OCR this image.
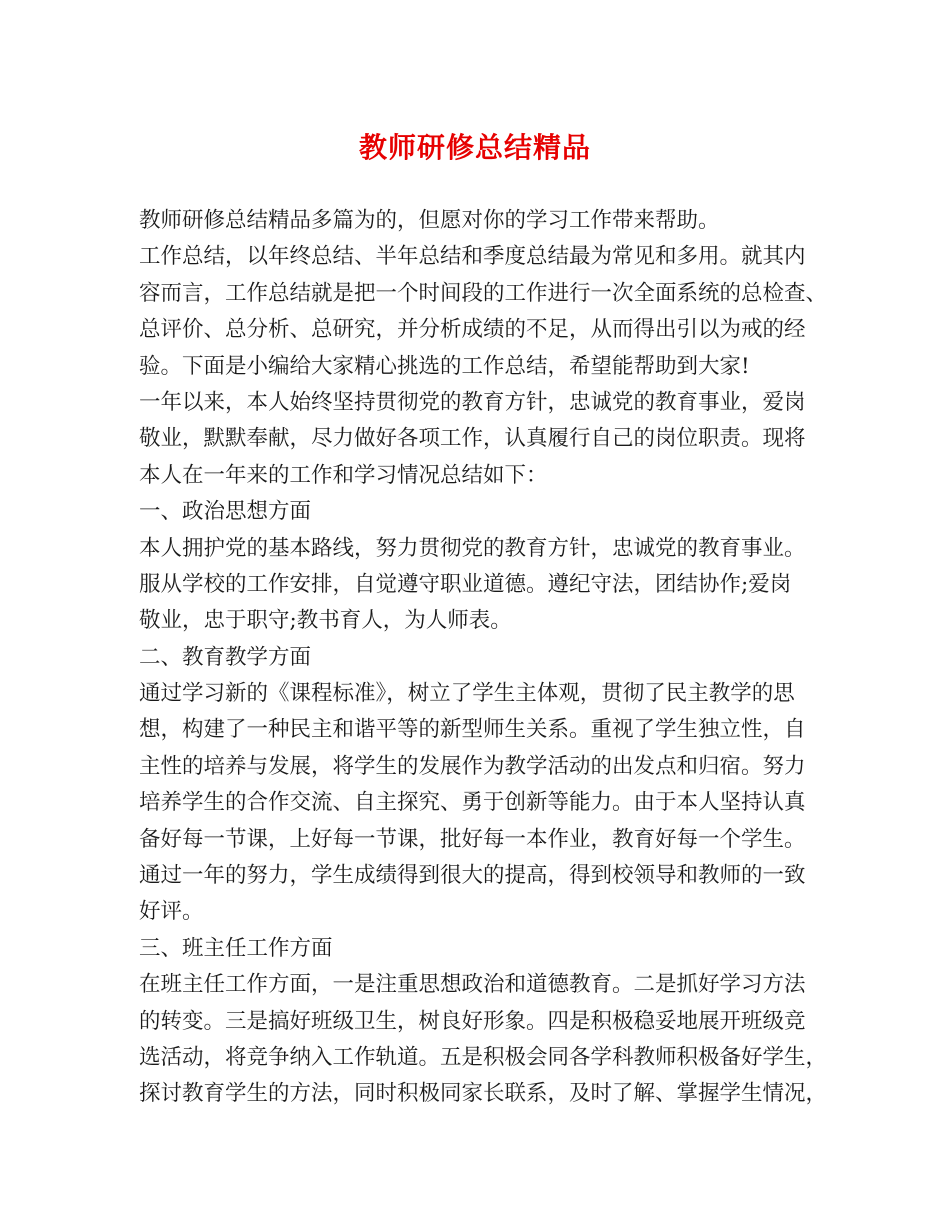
教师研修总结精品
教师研修总结精品多篇为的，但愿对你的学习工作带来帮助。
工作总结，以年终总结、半年总结和季度总结最为常见和多用。就其内
容而言，工作总结就是把一个时间段的工作进行一次全面系统的总检查、
总评价、总分析、总研究，并分析成绩的不足，从而得出引以为戒的经
验。下面是小编给大家精心挑选的工作总结，希望能帮助到大家!
一年以来，本人始终坚持贯彻党的教育方针，忠诚党的教育事业，爱岗
敬业，默默奉献，尽力做好各项工作，认真履行自己的岗位职责。现将
本人在一年来的工作和学习情况总结如下：
一、政治思想方面
本人拥护党的基本路线，努力贯彻党的教育方针，忠诚党的教育事业。
服从学校的工作安排，自觉遵守职业道德。遵纪守法，团结协作;爱岗
敬业，忠于职守;教书育人，为人师表。
二、教育教学方面
通过学习新的《课程标准》，树立了学生主体观，贯彻了民主教学的思
想，构建了一种民主和谐平等的新型师生关系。重视了学生独立性，自
主性的培养与发展，将学生的发展作为教学活动的出发点和归宿。努力
培养学生的合作交流、自主探究、勇于创新等能力。由于本人坚持认真
备好每一节课，上好每一节课，批好每一本作业，教育好每一个学生。
通过一年的努力，学生成绩得到很大的提高，得到校领导和教师的一致
好评。
三、班主任工作方面
在班主任工作方面，一是注重思想政治和道德教育。二是抓好学习方法
的转变。三是搞好班级卫生，树良好形象。四是积极稳妥地展开班级竞
选活动，将竞争纳入工作轨道。五是积极会同各学科教师积极备好学生，
探讨教育学生的方法，同时积极同家长联系，及时了解、掌握学生情况，
